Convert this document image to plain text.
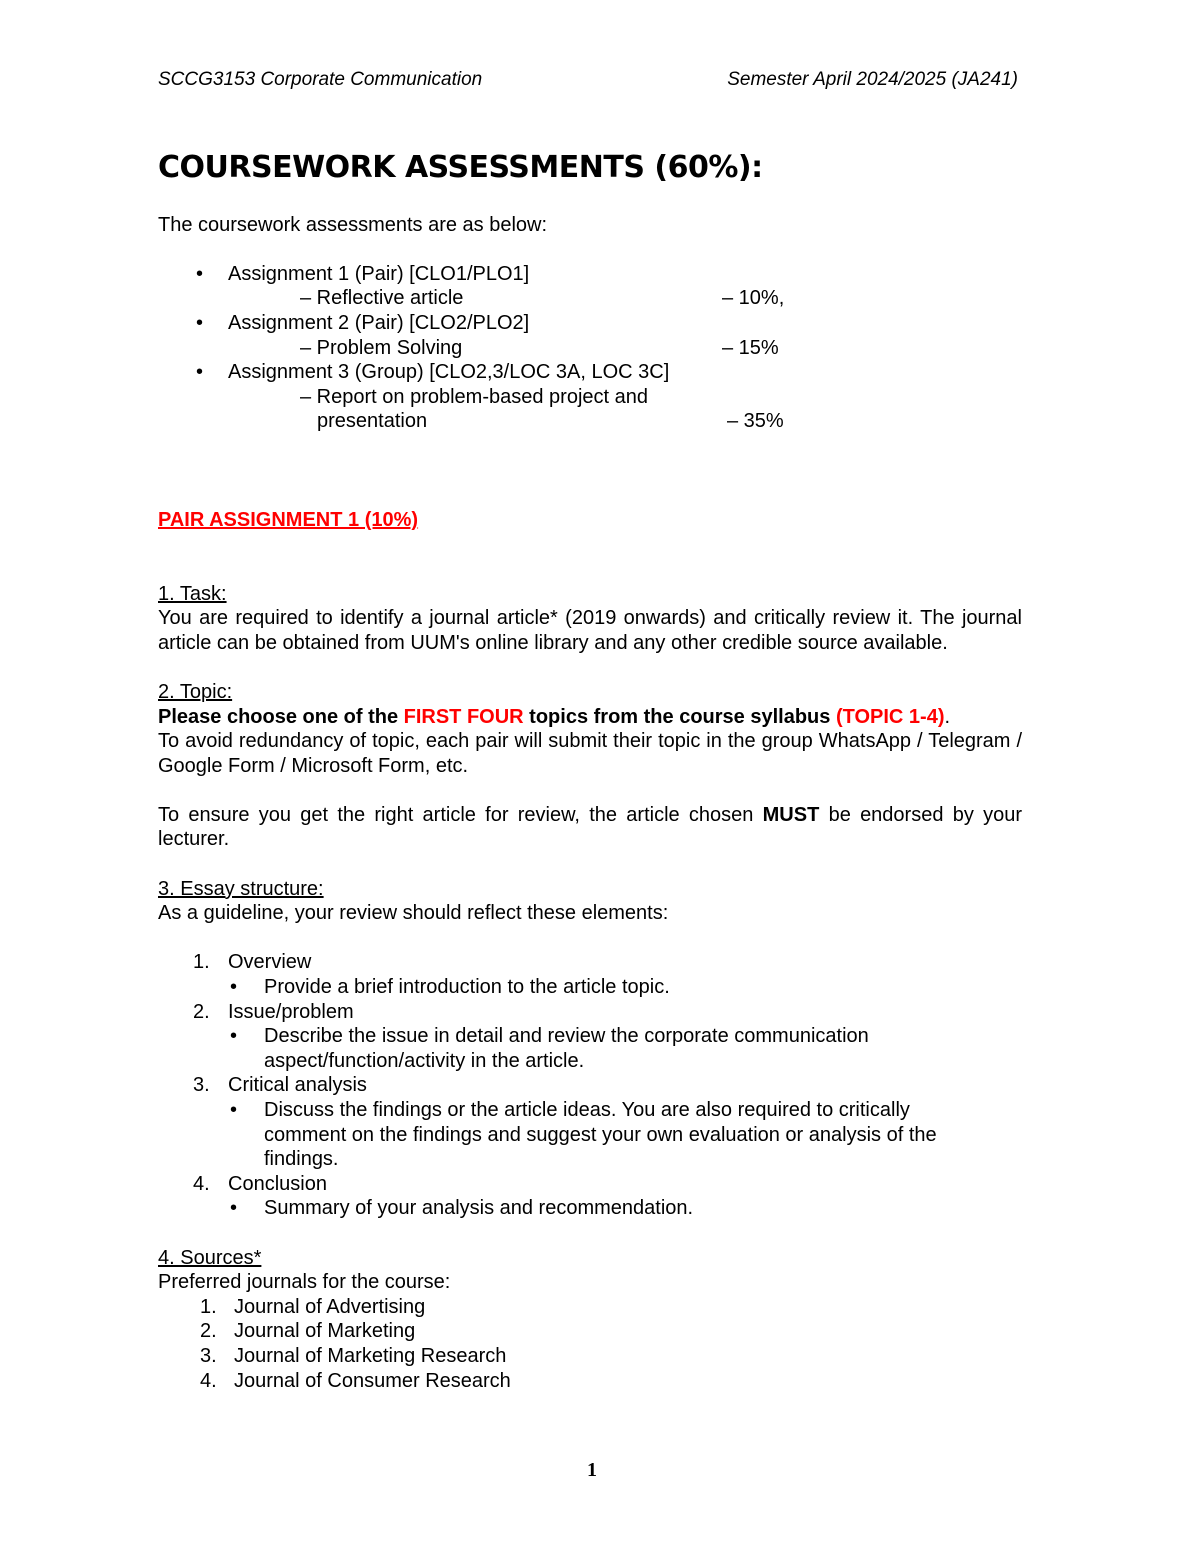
SCCG3153 Corporate Communication	Semester April 2024/2025 (JA241)
COURSEWORK ASSESSMENTS (60%):

The coursework assessments are as below:

• Assignment 1 (Pair) [CLO1/PLO1]
– Reflective article	– 10%,
• Assignment 2 (Pair) [CLO2/PLO2]
– Problem Solving	– 15%
• Assignment 3 (Group) [CLO2,3/LOC 3A, LOC 3C]
– Report on problem-based project and
presentation	– 35%

PAIR ASSIGNMENT 1 (10%)

1. Task:

You are required to identify a journal article* (2019 onwards) and critically review it. The journal article can be obtained from UUM's online library and any other credible source available.

2. Topic:

Please choose one of the FIRST FOUR topics from the course syllabus (TOPIC 1-4).

To avoid redundancy of topic, each pair will submit their topic in the group WhatsApp / Telegram / Google Form / Microsoft Form, etc.

To ensure you get the right article for review, the article chosen MUST be endorsed by your lecturer.

3. Essay structure:

As a guideline, your review should reflect these elements:

1. Overview
• Provide a brief introduction to the article topic.
2. Issue/problem
• Describe the issue in detail and review the corporate communication aspect/function/activity in the article.
3. Critical analysis
• Discuss the findings or the article ideas. You are also required to critically comment on the findings and suggest your own evaluation or analysis of the findings.
4. Conclusion
• Summary of your analysis and recommendation.

4. Sources*

Preferred journals for the course:

1. Journal of Advertising
2. Journal of Marketing
3. Journal of Marketing Research
4. Journal of Consumer Research
1
